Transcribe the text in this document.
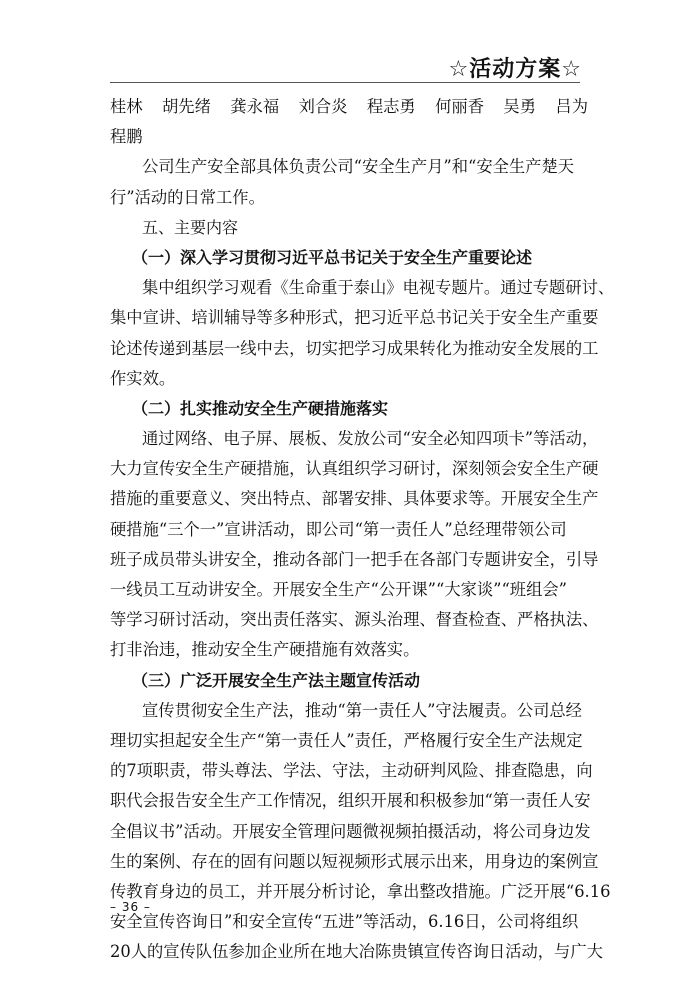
☆活动方案☆
桂林 胡先绪 龚永福 刘合炎 程志勇 何丽香 吴勇 吕为
程鹏
公司生产安全部具体负责公司“安全生产月”和“安全生产楚天
行”活动的日常工作。
五、主要内容
（一）深入学习贯彻习近平总书记关于安全生产重要论述
集中组织学习观看《生命重于泰山》电视专题片。通过专题研讨、
集中宣讲、培训辅导等多种形式，把习近平总书记关于安全生产重要
论述传递到基层一线中去，切实把学习成果转化为推动安全发展的工
作实效。
（二）扎实推动安全生产硬措施落实
通过网络、电子屏、展板、发放公司“安全必知四项卡”等活动，
大力宣传安全生产硬措施，认真组织学习研讨，深刻领会安全生产硬
措施的重要意义、突出特点、部署安排、具体要求等。开展安全生产
硬措施“三个一”宣讲活动，即公司“第一责任人”总经理带领公司
班子成员带头讲安全，推动各部门一把手在各部门专题讲安全，引导
一线员工互动讲安全。开展安全生产“公开课”“大家谈”“班组会”
等学习研讨活动，突出责任落实、源头治理、督查检查、严格执法、
打非治违，推动安全生产硬措施有效落实。
（三）广泛开展安全生产法主题宣传活动
宣传贯彻安全生产法，推动“第一责任人”守法履责。公司总经
理切实担起安全生产“第一责任人”责任，严格履行安全生产法规定
的7项职责，带头尊法、学法、守法，主动研判风险、排查隐患，向
职代会报告安全生产工作情况，组织开展和积极参加“第一责任人安
全倡议书”活动。开展安全管理问题微视频拍摄活动，将公司身边发
生的案例、存在的固有问题以短视频形式展示出来，用身边的案例宣
传教育身边的员工，并开展分析讨论，拿出整改措施。广泛开展“6.16
安全宣传咨询日”和安全宣传“五进”等活动，6.16日，公司将组织
20人的宣传队伍参加企业所在地大冶陈贵镇宣传咨询日活动，与广大
– 36 –
